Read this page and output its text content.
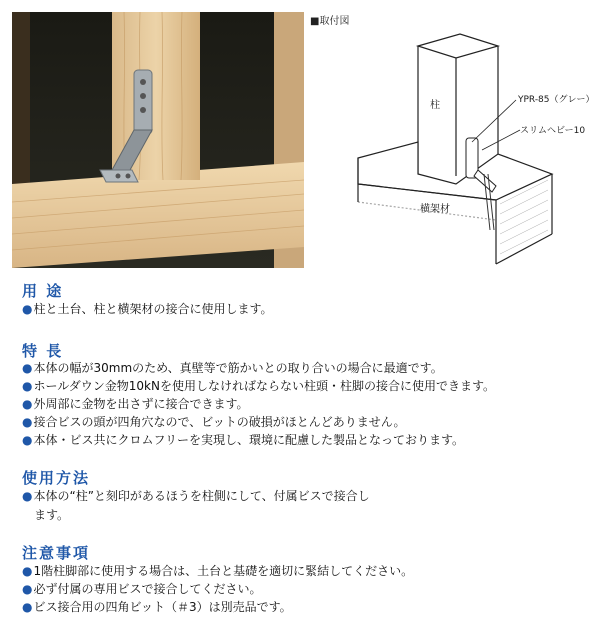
■取付図
柱	YPR-85（グレー）
スリムヘビー10
横架材
用 途
●柱と土台、柱と横架材の接合に使用します。
特 長
●本体の幅が30mmのため、真壁等で筋かいとの取り合いの場合に最適です。
●ホールダウン金物10kNを使用しなければならない柱頭・柱脚の接合に使用できます。
●外周部に金物を出さずに接合できます。
●接合ビスの頭が四角穴なので、ビットの破損がほとんどありません。
●本体・ビス共にクロムフリーを実現し、環境に配慮した製品となっております。
使用方法
●本体の“柱”と刻印があるほうを柱側にして、付属ビスで接合し
ます。
注意事項
●1階柱脚部に使用する場合は、土台と基礎を適切に緊結してください。
●必ず付属の専用ビスで接合してください。
●ビス接合用の四角ビット（＃3）は別売品です。
